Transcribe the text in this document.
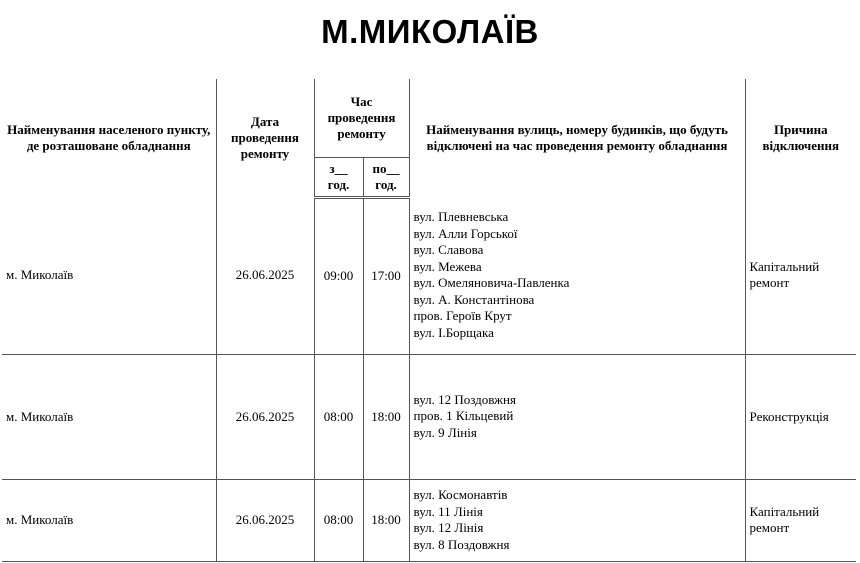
М.МИКОЛАЇВ
Найменування населеного пункту, де розташоване обладнання	Дата проведення ремонту	Час проведення ремонту	Найменування вулиць, номеру будинків, що будуть відключені на час проведення ремонту обладнання	Причина відключення
з__ год.	по__ год.
м. Миколаїв	26.06.2025	09:00	17:00	
вул. Плевневська
вул. Алли Горської
вул. Славова
вул. Межева
вул. Омеляновича-Павленка
вул. А. Константінова
пров. Героїв Крут
вул. І.Борщака
	Капітальний ремонт
м. Миколаїв	26.06.2025	08:00	18:00	
вул. 12 Поздовжня
пров. 1 Кільцевий
вул. 9 Лінія
	Реконструкція
м. Миколаїв	26.06.2025	08:00	18:00	
вул. Космонавтів
вул. 11 Лінія
вул. 12 Лінія
вул. 8 Поздовжня
	Капітальний ремонт
